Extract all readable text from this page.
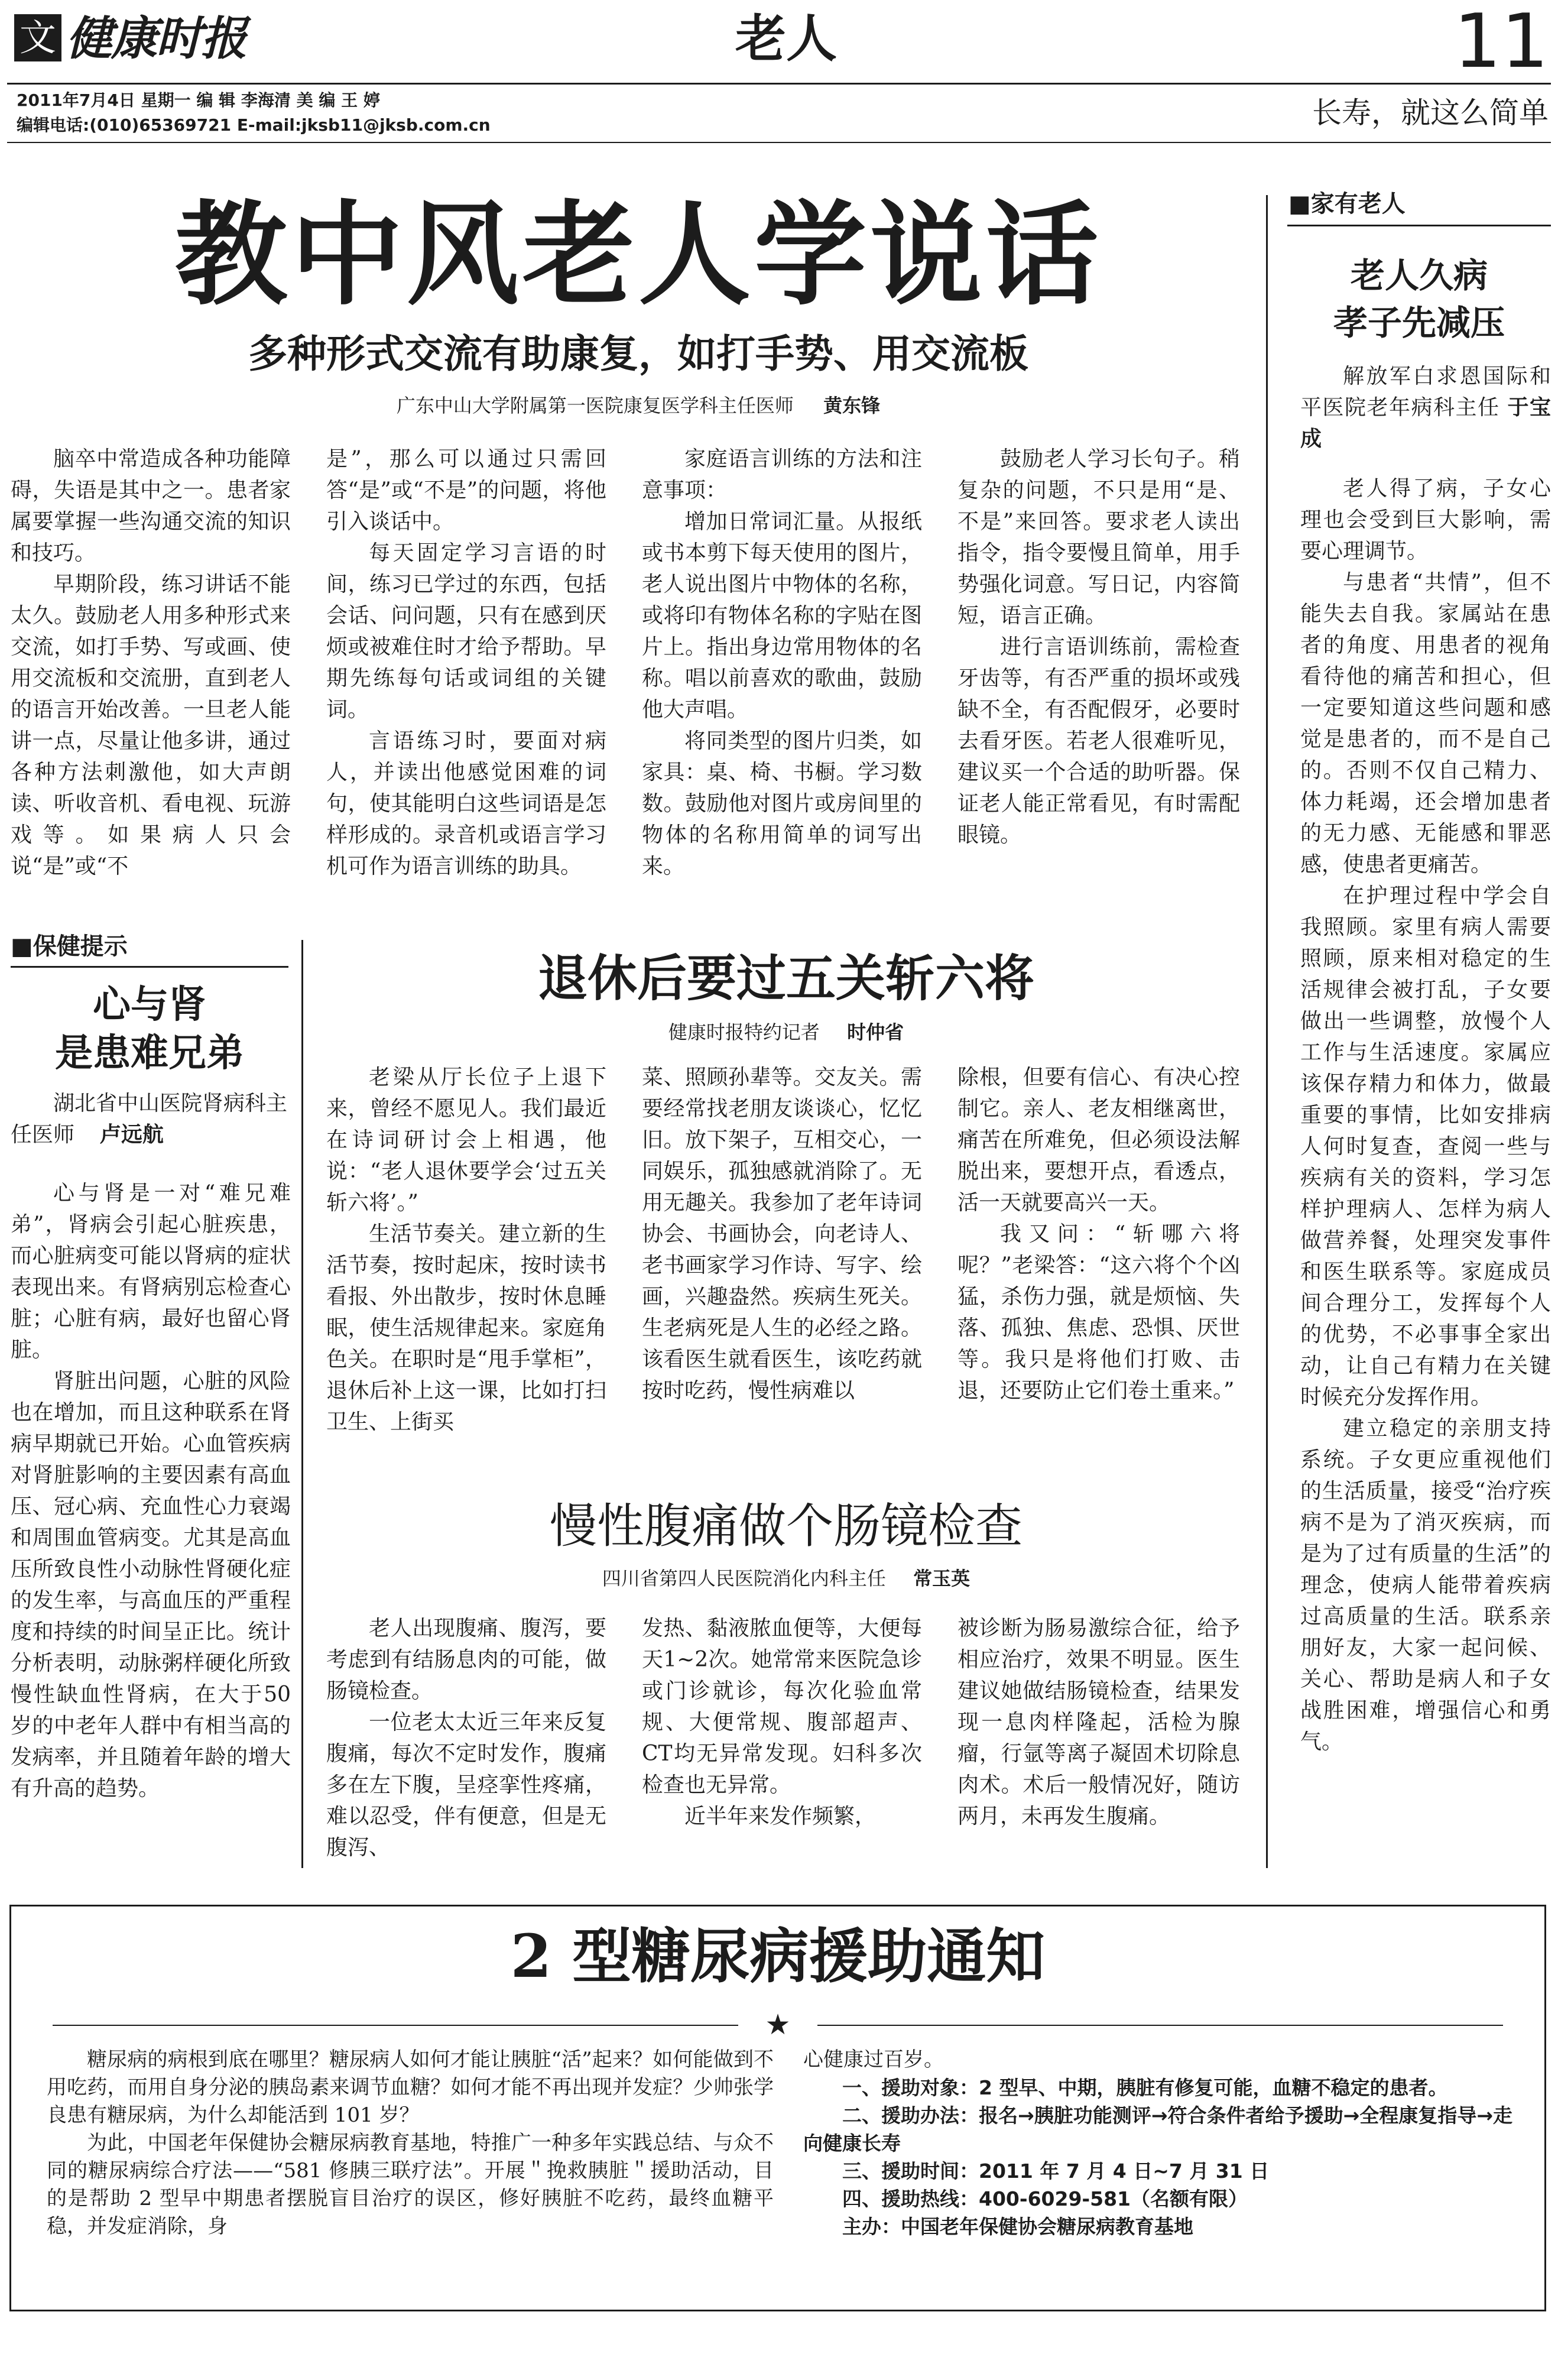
文 健康时报	老人	11
2011年7月4日 星期一 编 辑 李海清 美 编 王 婷
编辑电话:(010)65369721 E-mail:jksb11@jksb.com.cn	长寿，就这么简单
教中风老人学说话
多种形式交流有助康复，如打手势、用交流板
广东中山大学附属第一医院康复医学科主任医师 黄东锋

脑卒中常造成各种功能障碍，失语是其中之一。患者家属要掌握一些沟通交流的知识和技巧。

早期阶段，练习讲话不能太久。鼓励老人用多种形式来交流，如打手势、写或画、使用交流板和交流册，直到老人的语言开始改善。一旦老人能讲一点，尽量让他多讲，通过各种方法刺激他，如大声朗读、听收音机、看电视、玩游戏等。如果病人只会说“是”或“不

是”，那么可以通过只需回答“是”或“不是”的问题，将他引入谈话中。

每天固定学习言语的时间，练习已学过的东西，包括会话、问问题，只有在感到厌烦或被难住时才给予帮助。早期先练每句话或词组的关键词。

言语练习时，要面对病人，并读出他感觉困难的词句，使其能明白这些词语是怎样形成的。录音机或语言学习机可作为语言训练的助具。

家庭语言训练的方法和注意事项：

增加日常词汇量。从报纸或书本剪下每天使用的图片，老人说出图片中物体的名称，或将印有物体名称的字贴在图片上。指出身边常用物体的名称。唱以前喜欢的歌曲，鼓励他大声唱。

将同类型的图片归类，如家具：桌、椅、书橱。学习数数。鼓励他对图片或房间里的物体的名称用简单的词写出来。

鼓励老人学习长句子。稍复杂的问题，不只是用“是、不是”来回答。要求老人读出指令，指令要慢且简单，用手势强化词意。写日记，内容简短，语言正确。

进行言语训练前，需检查牙齿等，有否严重的损坏或残缺不全，有否配假牙，必要时去看牙医。若老人很难听见，建议买一个合适的助听器。保证老人能正常看见，有时需配眼镜。

■保健提示
心与肾
是患难兄弟
湖北省中山医院肾病科主任医师 卢远航

心与肾是一对“难兄难弟”，肾病会引起心脏疾患，而心脏病变可能以肾病的症状表现出来。有肾病别忘检查心脏；心脏有病，最好也留心肾脏。

肾脏出问题，心脏的风险也在增加，而且这种联系在肾病早期就已开始。心血管疾病对肾脏影响的主要因素有高血压、冠心病、充血性心力衰竭和周围血管病变。尤其是高血压所致良性小动脉性肾硬化症的发生率，与高血压的严重程度和持续的时间呈正比。统计分析表明，动脉粥样硬化所致慢性缺血性肾病，在大于50岁的中老年人群中有相当高的发病率，并且随着年龄的增大有升高的趋势。

退休后要过五关斩六将
健康时报特约记者 时仲省

老梁从厅长位子上退下来，曾经不愿见人。我们最近在诗词研讨会上相遇，他说：“老人退休要学会‘过五关斩六将’。”

生活节奏关。建立新的生活节奏，按时起床，按时读书看报、外出散步，按时休息睡眠，使生活规律起来。家庭角色关。在职时是“甩手掌柜”，退休后补上这一课，比如打扫卫生、上街买

菜、照顾孙辈等。交友关。需要经常找老朋友谈谈心，忆忆旧。放下架子，互相交心，一同娱乐，孤独感就消除了。无用无趣关。我参加了老年诗词协会、书画协会，向老诗人、老书画家学习作诗、写字、绘画，兴趣盎然。疾病生死关。生老病死是人生的必经之路。该看医生就看医生，该吃药就按时吃药，慢性病难以

除根，但要有信心、有决心控制它。亲人、老友相继离世，痛苦在所难免，但必须设法解脱出来，要想开点，看透点，活一天就要高兴一天。

我又问：“斩哪六将呢？”老梁答：“这六将个个凶猛，杀伤力强，就是烦恼、失落、孤独、焦虑、恐惧、厌世等。我只是将他们打败、击退，还要防止它们卷土重来。”

慢性腹痛做个肠镜检查
四川省第四人民医院消化内科主任 常玉英

老人出现腹痛、腹泻，要考虑到有结肠息肉的可能，做肠镜检查。

一位老太太近三年来反复腹痛，每次不定时发作，腹痛多在左下腹，呈痉挛性疼痛，难以忍受，伴有便意，但是无腹泻、

发热、黏液脓血便等，大便每天1~2次。她常常来医院急诊或门诊就诊，每次化验血常规、大便常规、腹部超声、CT均无异常发现。妇科多次检查也无异常。

近半年来发作频繁，

被诊断为肠易激综合征，给予相应治疗，效果不明显。医生建议她做结肠镜检查，结果发现一息肉样隆起，活检为腺瘤，行氩等离子凝固术切除息肉术。术后一般情况好，随访两月，未再发生腹痛。

■家有老人
老人久病
孝子先减压
解放军白求恩国际和平医院老年病科主任 于宝成

老人得了病，子女心理也会受到巨大影响，需要心理调节。

与患者“共情”，但不能失去自我。家属站在患者的角度、用患者的视角看待他的痛苦和担心，但一定要知道这些问题和感觉是患者的，而不是自己的。否则不仅自己精力、体力耗竭，还会增加患者的无力感、无能感和罪恶感，使患者更痛苦。

在护理过程中学会自我照顾。家里有病人需要照顾，原来相对稳定的生活规律会被打乱，子女要做出一些调整，放慢个人工作与生活速度。家属应该保存精力和体力，做最重要的事情，比如安排病人何时复查，查阅一些与疾病有关的资料，学习怎样护理病人、怎样为病人做营养餐，处理突发事件和医生联系等。家庭成员间合理分工，发挥每个人的优势，不必事事全家出动，让自己有精力在关键时候充分发挥作用。

建立稳定的亲朋支持系统。子女更应重视他们的生活质量，接受“治疗疾病不是为了消灭疾病，而是为了过有质量的生活”的理念，使病人能带着疾病过高质量的生活。联系亲朋好友，大家一起问候、关心、帮助是病人和子女战胜困难，增强信心和勇气。

2 型糖尿病援助通知
★

糖尿病的病根到底在哪里？糖尿病人如何才能让胰脏“活”起来？如何能做到不用吃药，而用自身分泌的胰岛素来调节血糖？如何才能不再出现并发症？少帅张学良患有糖尿病，为什么却能活到 101 岁？

为此，中国老年保健协会糖尿病教育基地，特推广一种多年实践总结、与众不同的糖尿病综合疗法——“581 修胰三联疗法”。开展＂挽救胰脏＂援助活动，目的是帮助 2 型早中期患者摆脱盲目治疗的误区，修好胰脏不吃药，最终血糖平稳，并发症消除，身

心健康过百岁。

一、援助对象：2 型早、中期，胰脏有修复可能，血糖不稳定的患者。

二、援助办法：报名→胰脏功能测评→符合条件者给予援助→全程康复指导→走向健康长寿

三、援助时间：2011 年 7 月 4 日~7 月 31 日

四、援助热线：400-6029-581（名额有限）

主办：中国老年保健协会糖尿病教育基地
